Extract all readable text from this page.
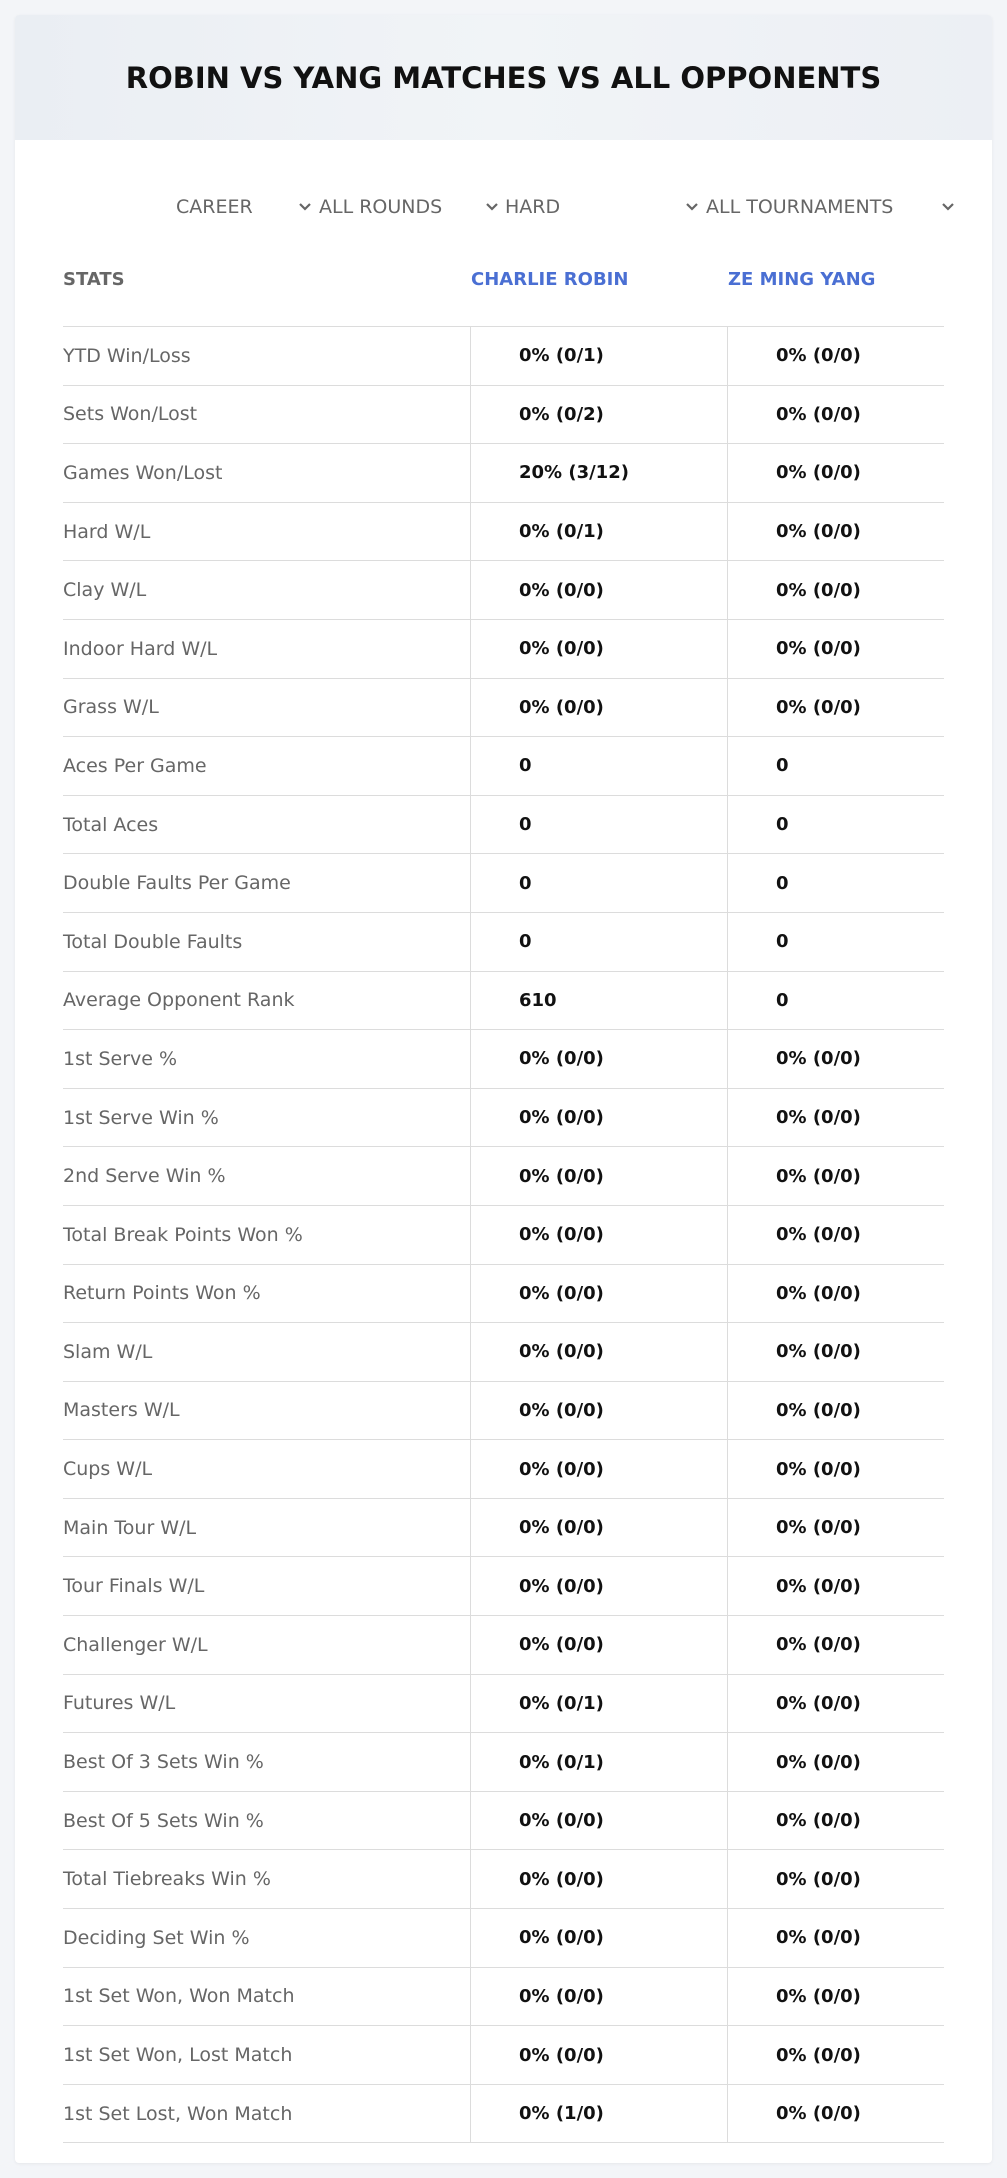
ROBIN VS YANG MATCHES VS ALL OPPONENTS
CAREER	ALL ROUNDS	HARD	ALL TOURNAMENTS
STATS	CHARLIE ROBIN	ZE MING YANG
YTD Win/Loss	0% (0/1)	0% (0/0)
Sets Won/Lost	0% (0/2)	0% (0/0)
Games Won/Lost	20% (3/12)	0% (0/0)
Hard W/L	0% (0/1)	0% (0/0)
Clay W/L	0% (0/0)	0% (0/0)
Indoor Hard W/L	0% (0/0)	0% (0/0)
Grass W/L	0% (0/0)	0% (0/0)
Aces Per Game	0	0
Total Aces	0	0
Double Faults Per Game	0	0
Total Double Faults	0	0
Average Opponent Rank	610	0
1st Serve %	0% (0/0)	0% (0/0)
1st Serve Win %	0% (0/0)	0% (0/0)
2nd Serve Win %	0% (0/0)	0% (0/0)
Total Break Points Won %	0% (0/0)	0% (0/0)
Return Points Won %	0% (0/0)	0% (0/0)
Slam W/L	0% (0/0)	0% (0/0)
Masters W/L	0% (0/0)	0% (0/0)
Cups W/L	0% (0/0)	0% (0/0)
Main Tour W/L	0% (0/0)	0% (0/0)
Tour Finals W/L	0% (0/0)	0% (0/0)
Challenger W/L	0% (0/0)	0% (0/0)
Futures W/L	0% (0/1)	0% (0/0)
Best Of 3 Sets Win %	0% (0/1)	0% (0/0)
Best Of 5 Sets Win %	0% (0/0)	0% (0/0)
Total Tiebreaks Win %	0% (0/0)	0% (0/0)
Deciding Set Win %	0% (0/0)	0% (0/0)
1st Set Won, Won Match	0% (0/0)	0% (0/0)
1st Set Won, Lost Match	0% (0/0)	0% (0/0)
1st Set Lost, Won Match	0% (1/0)	0% (0/0)
